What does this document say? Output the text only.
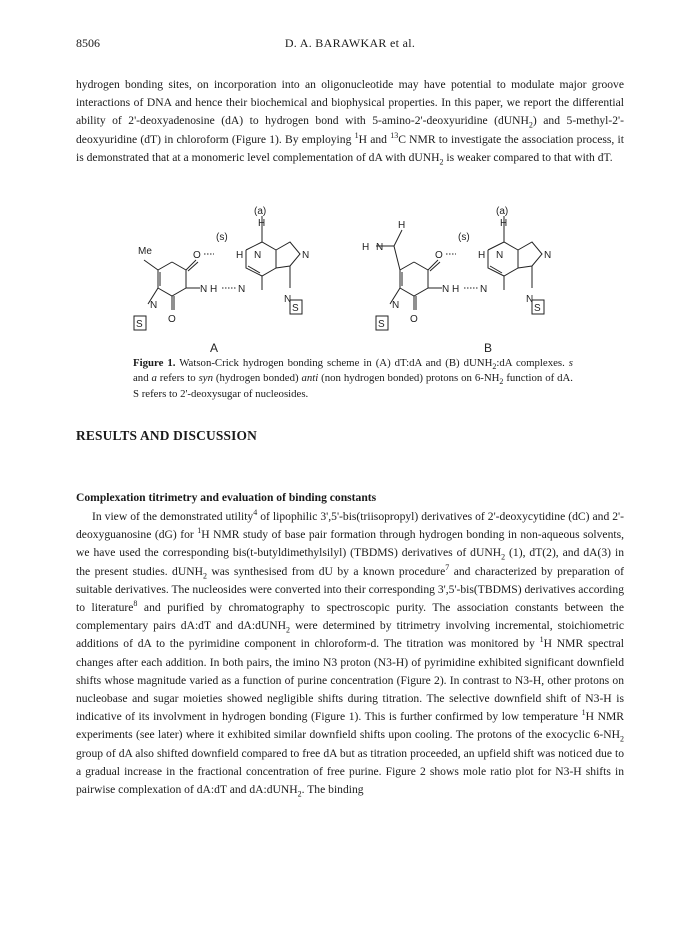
8506	D. A. BARAWKAR et al.
hydrogen bonding sites, on incorporation into an oligonucleotide may have potential to modulate major groove interactions of DNA and hence their biochemical and biophysical properties. In this paper, we report the differential ability of 2'-deoxyadenosine (dA) to hydrogen bond with 5-amino-2'-deoxyuridine (dUNH$_2$) and 5-methyl-2'-deoxyuridine (dT) in chloroform (Figure 1). By employing $^1$H and $^{13}$C NMR to investigate the association process, it is demonstrated that at a monomeric level complementation of dA with dUNH$_2$ is weaker compared to that with dT.
(a)
H
(s)
Me	O	H N
N H N
O
N
N
N
S
S
(a)
H
(s)
H
H N
O	H N
N H N
O
N
N
N
S
S
A	B
Figure 1. Watson-Crick hydrogen bonding scheme in (A) dT:dA and (B) dUNH$_2$:dA complexes. s and a refers to syn (hydrogen bonded) anti (non hydrogen bonded) protons on $6-NH_2$ function of dA. S refers to 2'-deoxysugar of nucleosides.
RESULTS AND DISCUSSION
Complexation titrimetry and evaluation of binding constants
In view of the demonstrated utility$^4$ of lipophilic 3',5'-bis(triisopropyl) derivatives of 2'-deoxycytidine (dC) and 2'-deoxyguanosine (dG) for $^1$H NMR study of base pair formation through hydrogen bonding in non-aqueous solvents, we have used the corresponding bis(t-butyldimethylsilyl) (TBDMS) derivatives of dUNH$_2$ (1), dT(2), and dA(3) in the present studies. dUNH$_2$ was synthesised from dU by a known procedure$^7$ and characterized by preparation of suitable derivatives. The nucleosides were converted into their corresponding 3',5'-bis(TBDMS) derivatives according to literature$^8$ and purified by chromatography to spectroscopic purity. The association constants between the complementary pairs dA:dT and dA:dUNH$_2$ were determined by titrimetry involving incremental, stoichiometric additions of dA to the pyrimidine component in chloroform-d. The titration was monitored by $^1$H NMR spectral changes after each addition. In both pairs, the imino N3 proton (N3-H) of pyrimidine exhibited significant downfield shifts whose magnitude varied as a function of purine concentration (Figure 2). In contrast to N3-H, other protons on nucleobase and sugar moieties showed negligible shifts during titration. The selective downfield shift of N3-H is indicative of its involvment in hydrogen bonding (Figure 1). This is further confirmed by low temperature $^1$H NMR experiments (see later) where it exhibited similar downfield shifts upon cooling. The protons of the exocyclic $6-NH_2$ group of dA also shifted downfield compared to free dA but as titration proceeded, an upfield shift was noticed due to a gradual increase in the fractional concentration of free purine. Figure 2 shows mole ratio plot for N3-H shifts in pairwise complexation of dA:dT and dA:dUNH$_2$. The binding
